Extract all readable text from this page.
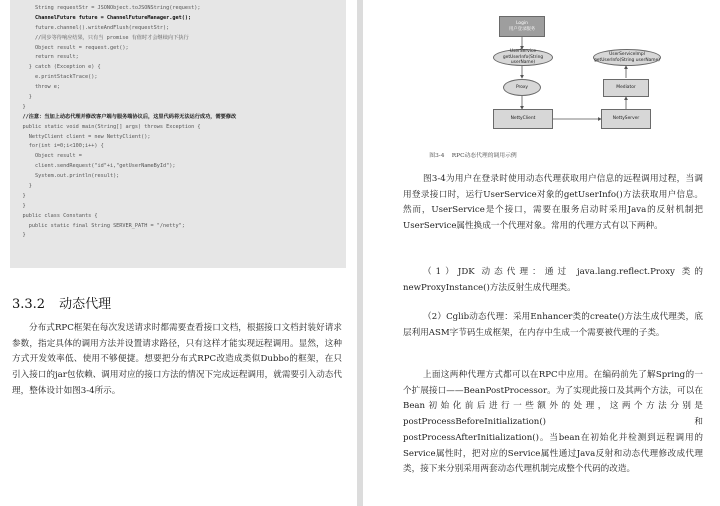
String requestStr = JSONObject.toJSONString(request);
ChannelFuture future = ChannelFutureManager.get();
future.channel().writeAndFlush(requestStr);
//同步等待响应结果，只有当 promise 有值时才会继续向下执行
Object result = request.get();
return result;
} catch (Exception e) {
e.printStackTrace();
throw e;
}
}
//注意：当加上动态代理并修改客户端与服务端协议后，这里代码将无法运行成功，需要修改
public static void main(String[] args) throws Exception {
NettyClient client = new NettyClient();
for(int i=0;i<100;i++) {
Object result =
client.sendRequest("id"+i,"getUserNameById");
System.out.println(result);
}
}
}
public class Constants {
public static final String SERVER_PATH = "/netty";
}
3.3.2 动态代理
分布式RPC框架在每次发送请求时都需要查看接口文档，根据接口文档封装好请求参数，指定具体的调用方法并设置请求路径，只有这样才能实现远程调用。显然，这种方式开发效率低、使用不够便捷。想要把分布式RPC改造成类似Dubbo的框架，在只引入接口的jar包依赖、调用对应的接口方法的情况下完成远程调用，就需要引入动态代理，整体设计如图3-4所示。
Login
用户登录服务
UserService
getUserInfo(String userName)
UserServiceImpl
getUserInfo(String userName)
Proxy	Mediator
NettyClient	NettyServer
图3-4    RPC动态代理的调用示例
图3-4为用户在登录时使用动态代理获取用户信息的远程调用过程，当调用登录接口时，运行UserService对象的getUserInfo()方法获取用户信息。然而，UserService是个接口，需要在服务启动时采用Java的反射机制把UserService属性换成一个代理对象。常用的代理方式有以下两种。
（1）JDK 动态代理：通过 java.lang.reflect.Proxy 类的 newProxyInstance()方法反射生成代理类。
（2）Cglib动态代理：采用Enhancer类的create()方法生成代理类，底层利用ASM字节码生成框架，在内存中生成一个需要被代理的子类。
上面这两种代理方式都可以在RPC中应用。在编码前先了解Spring的一个扩展接口——BeanPostProcessor。为了实现此接口及其两个方法，可以在Bean初始化前后进行一些额外的处理，这两个方法分别是postProcessBeforeInitialization() 和 postProcessAfterInitialization()。当bean在初始化并检测到远程调用的Service属性时，把对应的Service属性通过Java反射和动态代理修改成代理类，接下来分别采用两套动态代理机制完成整个代码的改造。
